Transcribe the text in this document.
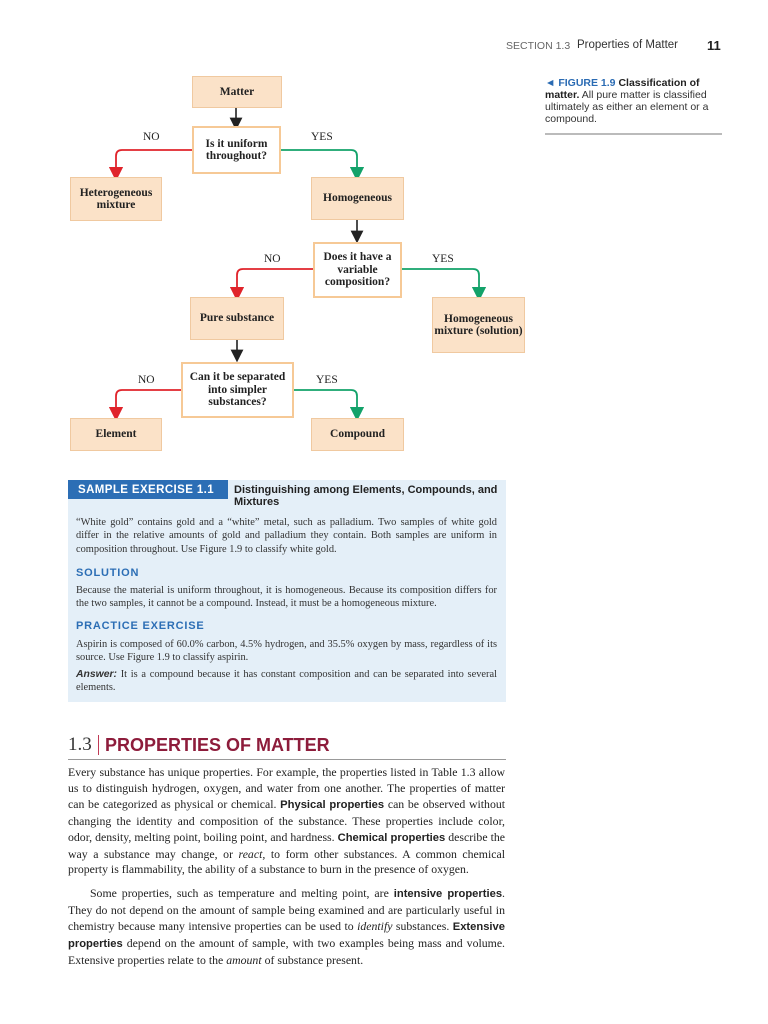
SECTION 1.3 Properties of Matter 11
◄ FIGURE 1.9 Classification of matter. All pure matter is classified ultimately as either an element or a compound.
Matter
Is it uniform throughout?
NO	YES
Heterogeneous mixture
Homogeneous
Does it have a variable composition?
NO	YES
Pure substance	Homogeneous mixture (solution)
Can it be separated into simpler substances?
NO	YES
Element	Compound
SAMPLE EXERCISE 1.1	Distinguishing among Elements, Compounds, and Mixtures
“White gold” contains gold and a “white” metal, such as palladium. Two samples of white gold differ in the relative amounts of gold and palladium they contain. Both samples are uniform in composition throughout. Use Figure 1.9 to classify white gold.
SOLUTION
Because the material is uniform throughout, it is homogeneous. Because its composition differs for the two samples, it cannot be a compound. Instead, it must be a homogeneous mixture.
PRACTICE EXERCISE
Aspirin is composed of 60.0% carbon, 4.5% hydrogen, and 35.5% oxygen by mass, regardless of its source. Use Figure 1.9 to classify aspirin.
Answer: It is a compound because it has constant composition and can be separated into several elements.
1.3 PROPERTIES OF MATTER
Every substance has unique properties. For example, the properties listed in Table 1.3 allow us to distinguish hydrogen, oxygen, and water from one another. The properties of matter can be categorized as physical or chemical. Physical properties can be observed without changing the identity and composition of the substance. These properties include color, odor, density, melting point, boiling point, and hardness. Chemical properties describe the way a substance may change, or react, to form other substances. A common chemical property is flammability, the ability of a substance to burn in the presence of oxygen.
Some properties, such as temperature and melting point, are intensive properties. They do not depend on the amount of sample being examined and are particularly useful in chemistry because many intensive properties can be used to identify substances. Extensive properties depend on the amount of sample, with two examples being mass and volume. Extensive properties relate to the amount of substance present.
